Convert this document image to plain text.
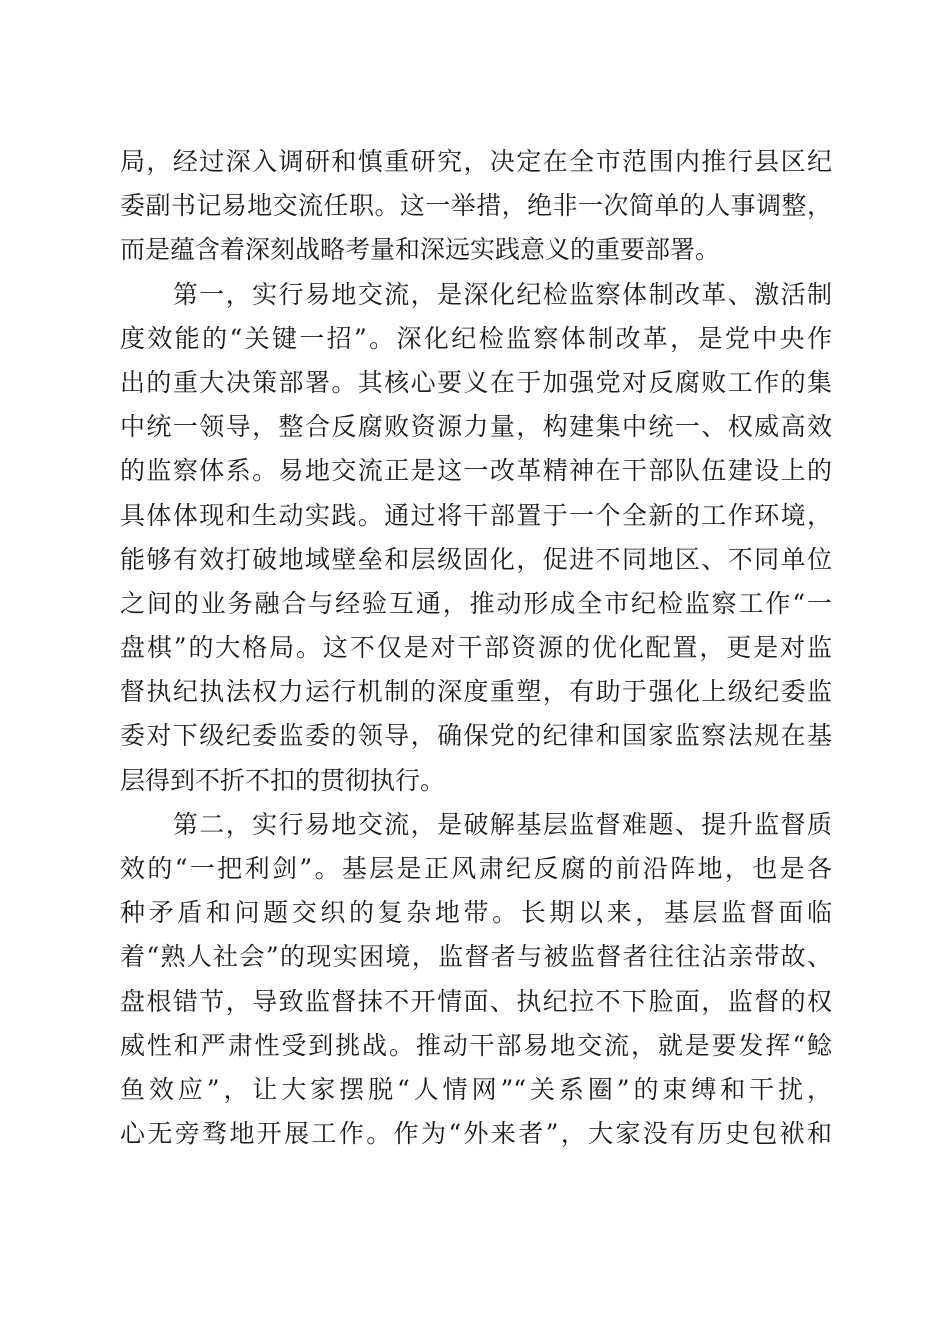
局，经过深入调研和慎重研究，决定在全市范围内推行县区纪
委副书记易地交流任职。这一举措，绝非一次简单的人事调整，
而是蕴含着深刻战略考量和深远实践意义的重要部署。
　　第一，实行易地交流，是深化纪检监察体制改革、激活制
度效能的“关键一招”。深化纪检监察体制改革，是党中央作
出的重大决策部署。其核心要义在于加强党对反腐败工作的集
中统一领导，整合反腐败资源力量，构建集中统一、权威高效
的监察体系。易地交流正是这一改革精神在干部队伍建设上的
具体体现和生动实践。通过将干部置于一个全新的工作环境，
能够有效打破地域壁垒和层级固化，促进不同地区、不同单位
之间的业务融合与经验互通，推动形成全市纪检监察工作“一
盘棋”的大格局。这不仅是对干部资源的优化配置，更是对监
督执纪执法权力运行机制的深度重塑，有助于强化上级纪委监
委对下级纪委监委的领导，确保党的纪律和国家监察法规在基
层得到不折不扣的贯彻执行。
　　第二，实行易地交流，是破解基层监督难题、提升监督质
效的“一把利剑”。基层是正风肃纪反腐的前沿阵地，也是各
种矛盾和问题交织的复杂地带。长期以来，基层监督面临
着“熟人社会”的现实困境，监督者与被监督者往往沾亲带故、
盘根错节，导致监督抹不开情面、执纪拉不下脸面，监督的权
威性和严肃性受到挑战。推动干部易地交流，就是要发挥“鲶
鱼效应”，让大家摆脱“人情网”“关系圈”的束缚和干扰，
心无旁骛地开展工作。作为“外来者”，大家没有历史包袱和
